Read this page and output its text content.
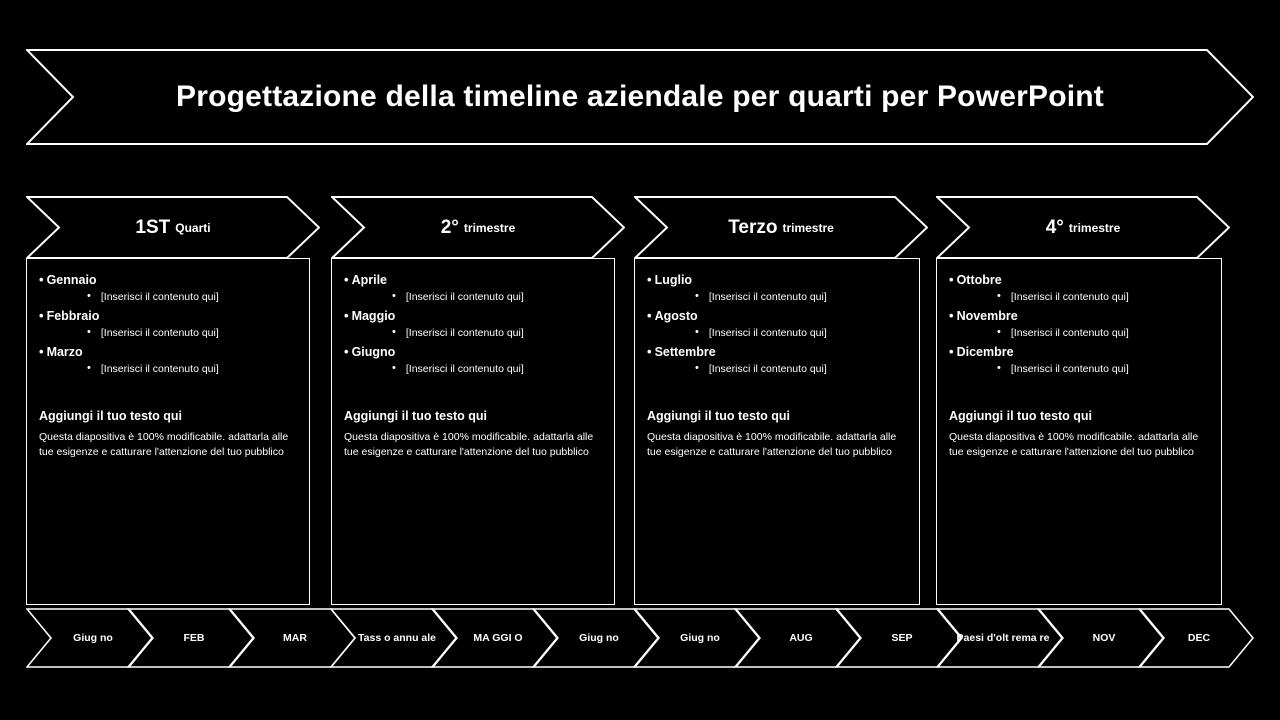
Progettazione della timeline aziendale per quarti per PowerPoint
1ST Quarti
• Gennaio
• [Inserisci il contenuto qui]
• Febbraio
• [Inserisci il contenuto qui]
• Marzo
• [Inserisci il contenuto qui]
Aggiungi il tuo testo qui
Questa diapositiva è 100% modificabile. adattarla alle tue esigenze e catturare l'attenzione del tuo pubblico
2° trimestre
• Aprile
• [Inserisci il contenuto qui]
• Maggio
• [Inserisci il contenuto qui]
• Giugno
• [Inserisci il contenuto qui]
Aggiungi il tuo testo qui
Questa diapositiva è 100% modificabile. adattarla alle tue esigenze e catturare l'attenzione del tuo pubblico
Terzo trimestre
• Luglio
• [Inserisci il contenuto qui]
• Agosto
• [Inserisci il contenuto qui]
• Settembre
• [Inserisci il contenuto qui]
Aggiungi il tuo testo qui
Questa diapositiva è 100% modificabile. adattarla alle tue esigenze e catturare l'attenzione del tuo pubblico
4° trimestre
• Ottobre
• [Inserisci il contenuto qui]
• Novembre
• [Inserisci il contenuto qui]
• Dicembre
• [Inserisci il contenuto qui]
Aggiungi il tuo testo qui
Questa diapositiva è 100% modificabile. adattarla alle tue esigenze e catturare l'attenzione del tuo pubblico
Giug no	FEB	MAR	Tass o annu ale	MA GGI O	Giug no	Giug no	AUG	SEP	Paesi d'olt rema re	NOV	DEC
